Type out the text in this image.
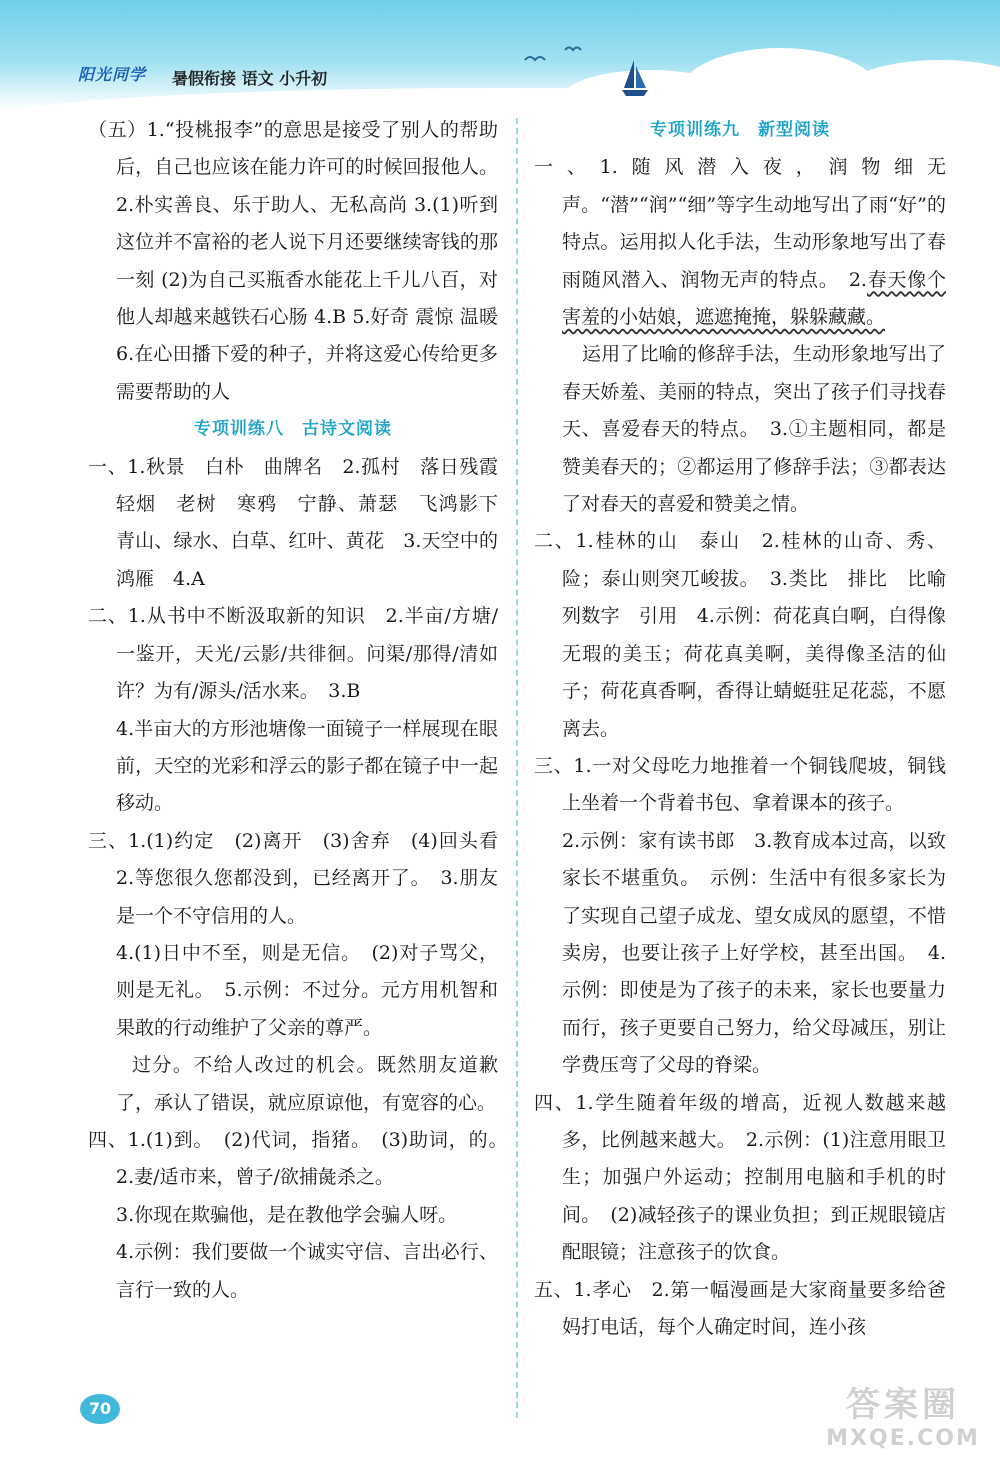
阳光同学 暑假衔接 语文 小升初

（五）1.“投桃报李”的意思是接受了别人的帮助后，自己也应该在能力许可的时候回报他人。 2.朴实善良、乐于助人、无私高尚 3.(1)听到这位并不富裕的老人说下月还要继续寄钱的那一刻 (2)为自己买瓶香水能花上千儿八百，对他人却越来越铁石心肠 4.B 5.好奇 震惊 温暖 6.在心田播下爱的种子，并将这爱心传给更多需要帮助的人

专项训练八　古诗文阅读

一、1.秋景　白朴　曲牌名　2.孤村　落日残霞　轻烟　老树　寒鸦　宁静、萧瑟　飞鸿影下　青山、绿水、白草、红叶、黄花　3.天空中的鸿雁　4.A

二、1.从书中不断汲取新的知识　2.半亩/方塘/一鉴开，天光/云影/共徘徊。问渠/那得/清如许？为有/源头/活水来。　3.B

4.半亩大的方形池塘像一面镜子一样展现在眼前，天空的光彩和浮云的影子都在镜子中一起移动。

三、1.(1)约定　(2)离开　(3)舍弃　(4)回头看　2.等您很久您都没到，已经离开了。　3.朋友是一个不守信用的人。

4.(1)日中不至，则是无信。　(2)对子骂父，则是无礼。　5.示例：不过分。元方用机智和果敢的行动维护了父亲的尊严。

过分。不给人改过的机会。既然朋友道歉了，承认了错误，就应原谅他，有宽容的心。

四、1.(1)到。　(2)代词，指猪。　(3)助词，的。　2.妻/适市来，曾子/欲捕彘杀之。

3.你现在欺骗他，是在教他学会骗人呀。

4.示例：我们要做一个诚实守信、言出必行、言行一致的人。

专项训练九　新型阅读

一、1.随风潜入夜，润物细无声。“潜”“润”“细”等字生动地写出了雨“好”的特点。运用拟人化手法，生动形象地写出了春雨随风潜入、润物无声的特点。　2.春天像个害羞的小姑娘，遮遮掩掩，躲躲藏藏。

运用了比喻的修辞手法，生动形象地写出了春天娇羞、美丽的特点，突出了孩子们寻找春天、喜爱春天的特点。　3.①主题相同，都是赞美春天的；②都运用了修辞手法；③都表达了对春天的喜爱和赞美之情。

二、1.桂林的山　泰山　2.桂林的山奇、秀、险；泰山则突兀峻拔。　3.类比　排比　比喻　列数字　引用　4.示例：荷花真白啊，白得像无瑕的美玉；荷花真美啊，美得像圣洁的仙子；荷花真香啊，香得让蜻蜓驻足花蕊，不愿离去。

三、1.一对父母吃力地推着一个铜钱爬坡，铜钱上坐着一个背着书包、拿着课本的孩子。

2.示例：家有读书郎　3.教育成本过高，以致家长不堪重负。　示例：生活中有很多家长为了实现自己望子成龙、望女成凤的愿望，不惜卖房，也要让孩子上好学校，甚至出国。　4.示例：即使是为了孩子的未来，家长也要量力而行，孩子更要自己努力，给父母减压，别让学费压弯了父母的脊梁。

四、1.学生随着年级的增高，近视人数越来越多，比例越来越大。　2.示例：(1)注意用眼卫生；加强户外运动；控制用电脑和手机的时间。　(2)减轻孩子的课业负担；到正规眼镜店配眼镜；注意孩子的饮食。

五、1.孝心　2.第一幅漫画是大家商量要多给爸妈打电话，每个人确定时间，连小孩

70	答案圈
MXQE.COM
